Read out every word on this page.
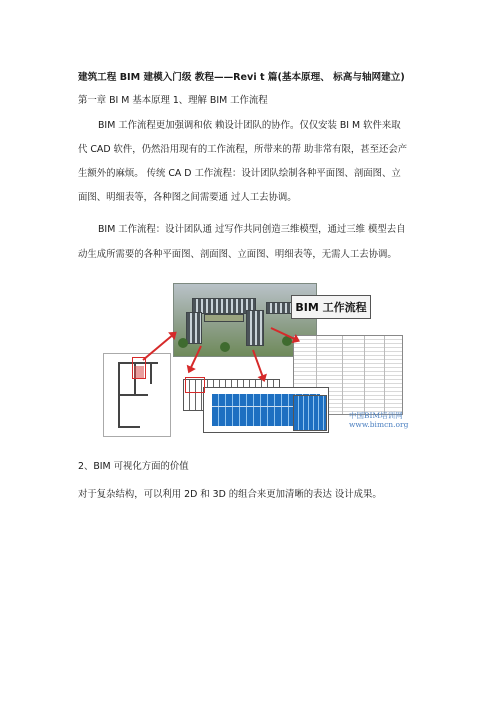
建筑工程 BIM 建模入门级 教程——Revi t 篇(基本原理、 标高与轴网建立)
第一章 BI M 基本原理 1、理解 BIM 工作流程
BIM 工作流程更加强调和依 赖设计团队的协作。仅仅安装 BI M 软件来取
代 CAD 软件，仍然沿用现有的工作流程，所带来的帮 助非常有限，甚至还会产
生额外的麻烦。 传统 CA D 工作流程：设计团队绘制各种平面图、剖面图、立
面图、明细表等，各种图之间需要通 过人工去协调。
BIM 工作流程：设计团队通 过写作共同创造三维模型，通过三维 模型去自
动生成所需要的各种平面图、剖面图、立面图、明细表等，无需人工去协调。
BIM 工作流程
中国BIM培训网
www.bimcn.org
2、BIM 可视化方面的价值
对于复杂结构，可以利用 2D 和 3D 的组合来更加清晰的表达 设计成果。
